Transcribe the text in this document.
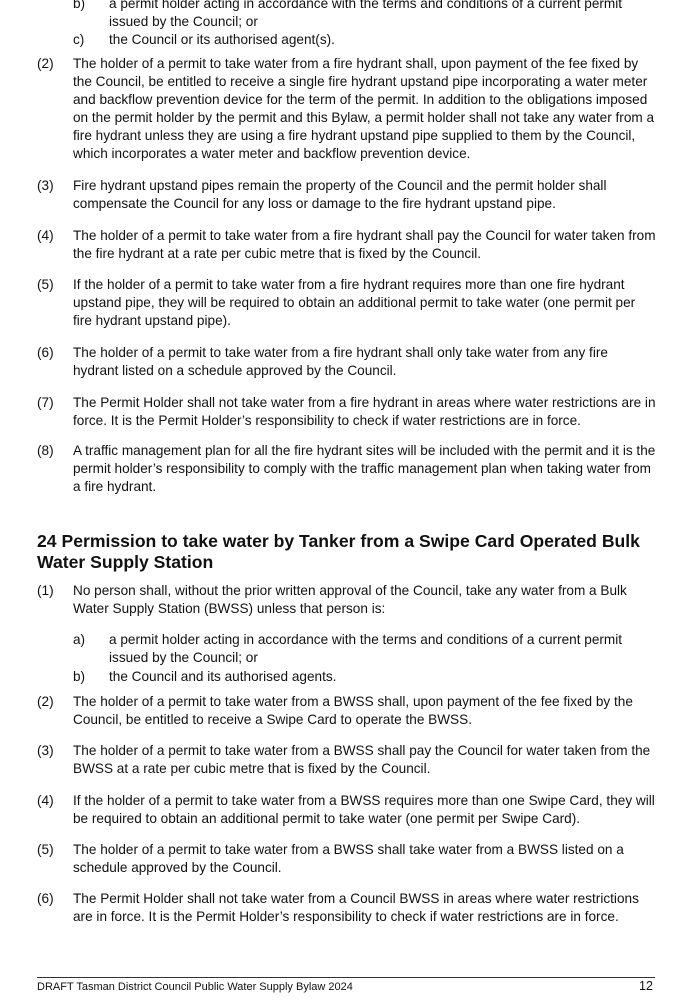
b) a permit holder acting in accordance with the terms and conditions of a current permit issued by the Council; or
c) the Council or its authorised agent(s).
(2) The holder of a permit to take water from a fire hydrant shall, upon payment of the fee fixed by the Council, be entitled to receive a single fire hydrant upstand pipe incorporating a water meter and backflow prevention device for the term of the permit. In addition to the obligations imposed on the permit holder by the permit and this Bylaw, a permit holder shall not take any water from a fire hydrant unless they are using a fire hydrant upstand pipe supplied to them by the Council, which incorporates a water meter and backflow prevention device.
(3) Fire hydrant upstand pipes remain the property of the Council and the permit holder shall compensate the Council for any loss or damage to the fire hydrant upstand pipe.
(4) The holder of a permit to take water from a fire hydrant shall pay the Council for water taken from the fire hydrant at a rate per cubic metre that is fixed by the Council.
(5) If the holder of a permit to take water from a fire hydrant requires more than one fire hydrant upstand pipe, they will be required to obtain an additional permit to take water (one permit per fire hydrant upstand pipe).
(6) The holder of a permit to take water from a fire hydrant shall only take water from any fire hydrant listed on a schedule approved by the Council.
(7) The Permit Holder shall not take water from a fire hydrant in areas where water restrictions are in force. It is the Permit Holder’s responsibility to check if water restrictions are in force.
(8) A traffic management plan for all the fire hydrant sites will be included with the permit and it is the permit holder’s responsibility to comply with the traffic management plan when taking water from a fire hydrant.
24 Permission to take water by Tanker from a Swipe Card Operated Bulk Water Supply Station
(1) No person shall, without the prior written approval of the Council, take any water from a Bulk Water Supply Station (BWSS) unless that person is:
a) a permit holder acting in accordance with the terms and conditions of a current permit issued by the Council; or
b) the Council and its authorised agents.
(2) The holder of a permit to take water from a BWSS shall, upon payment of the fee fixed by the Council, be entitled to receive a Swipe Card to operate the BWSS.
(3) The holder of a permit to take water from a BWSS shall pay the Council for water taken from the BWSS at a rate per cubic metre that is fixed by the Council.
(4) If the holder of a permit to take water from a BWSS requires more than one Swipe Card, they will be required to obtain an additional permit to take water (one permit per Swipe Card).
(5) The holder of a permit to take water from a BWSS shall take water from a BWSS listed on a schedule approved by the Council.
(6) The Permit Holder shall not take water from a Council BWSS in areas where water restrictions are in force. It is the Permit Holder’s responsibility to check if water restrictions are in force.
DRAFT Tasman District Council Public Water Supply Bylaw 2024	12
